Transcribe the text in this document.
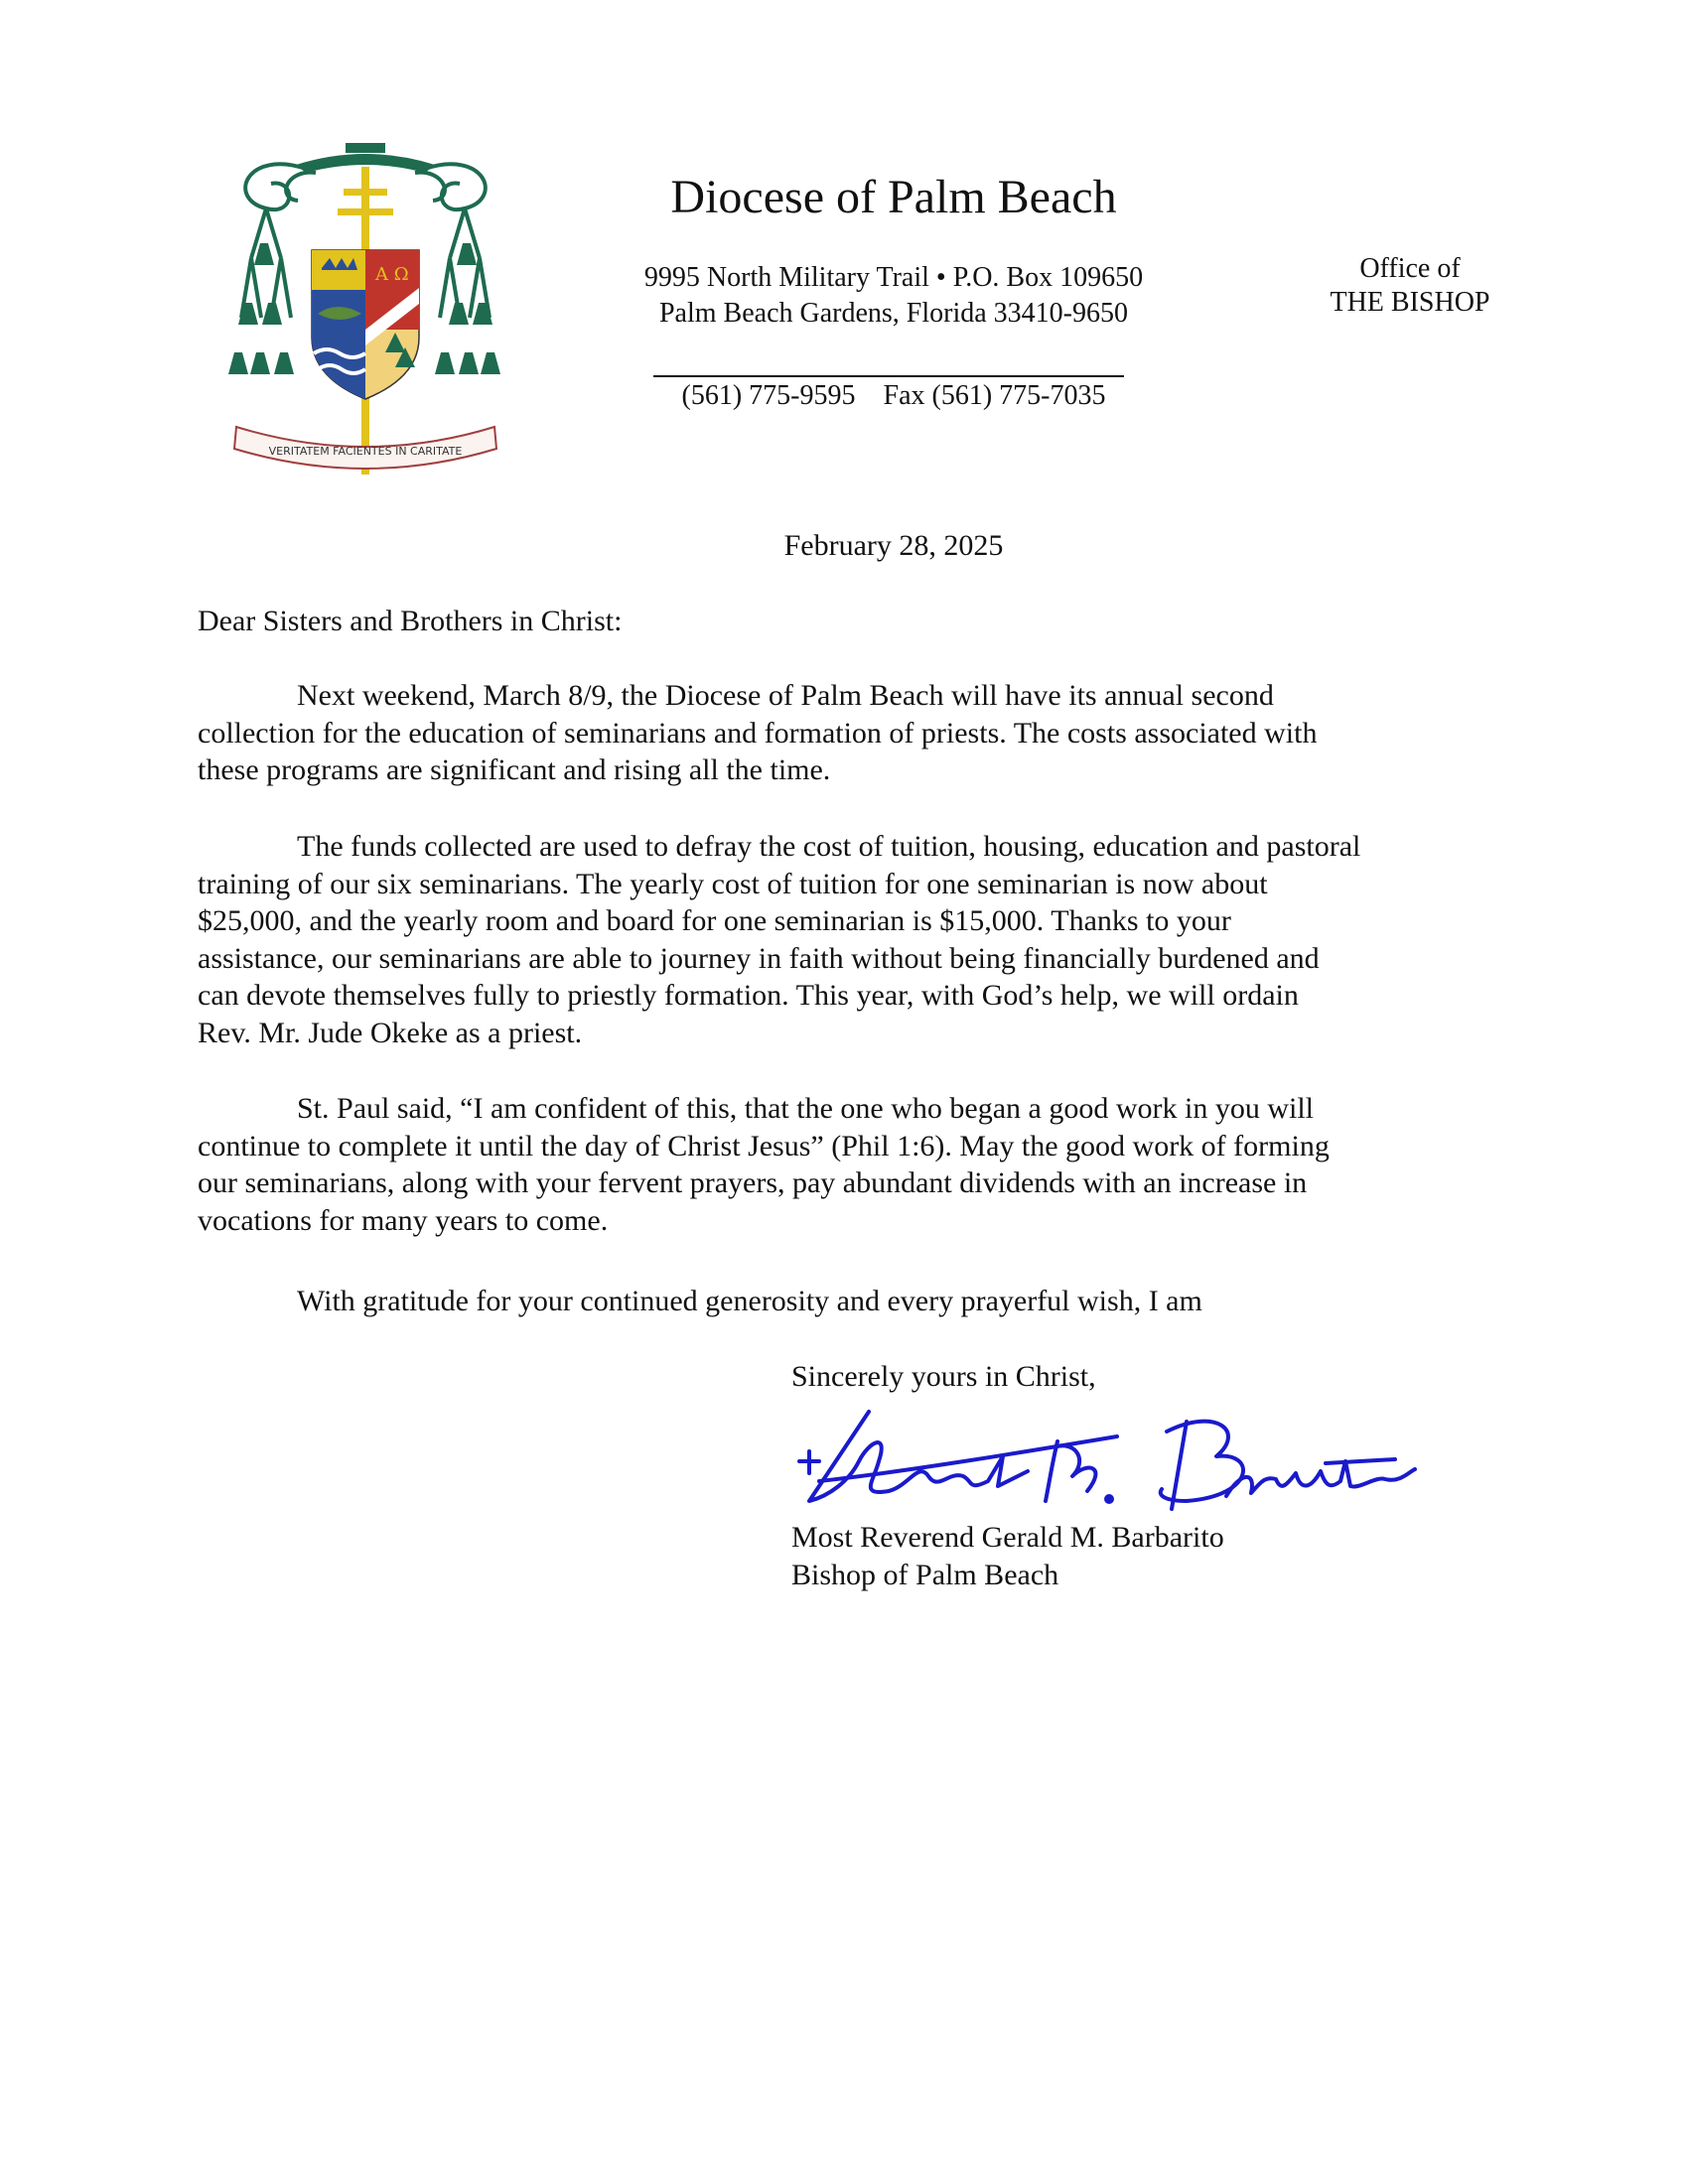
A Ω
VERITATEM FACIENTES IN CARITATE
Diocese of Palm Beach
9995 North Military Trail • P.O. Box 109650
Palm Beach Gardens, Florida 33410-9650
(561) 775-9595 Fax (561) 775-7035
Office of
THE BISHOP
February 28, 2025
Dear Sisters and Brothers in Christ:
Next weekend, March 8/9, the Diocese of Palm Beach will have its annual second
collection for the education of seminarians and formation of priests. The costs associated with
these programs are significant and rising all the time.
The funds collected are used to defray the cost of tuition, housing, education and pastoral
training of our six seminarians. The yearly cost of tuition for one seminarian is now about
$25,000, and the yearly room and board for one seminarian is $15,000. Thanks to your
assistance, our seminarians are able to journey in faith without being financially burdened and
can devote themselves fully to priestly formation. This year, with God’s help, we will ordain
Rev. Mr. Jude Okeke as a priest.
St. Paul said, “I am confident of this, that the one who began a good work in you will
continue to complete it until the day of Christ Jesus” (Phil 1:6). May the good work of forming
our seminarians, along with your fervent prayers, pay abundant dividends with an increase in
vocations for many years to come.
With gratitude for your continued generosity and every prayerful wish, I am
Sincerely yours in Christ,
Most Reverend Gerald M. Barbarito
Bishop of Palm Beach
